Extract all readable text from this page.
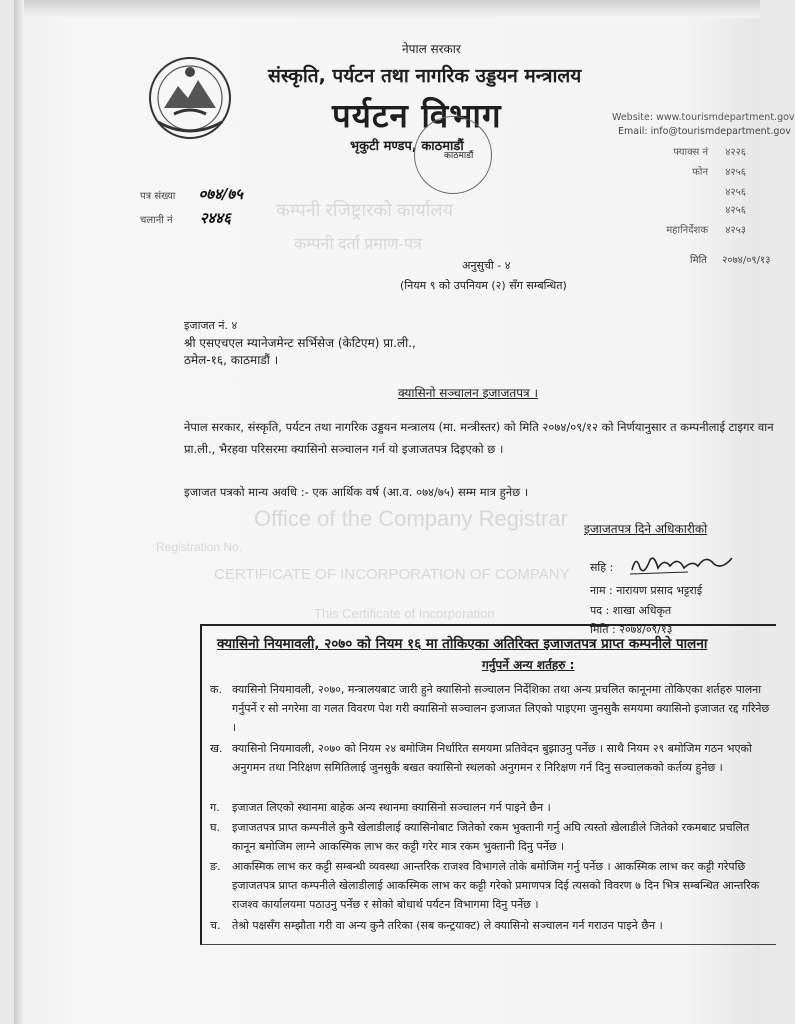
कम्पनी रजिष्ट्रारको कार्यालय
कम्पनी दर्ता प्रमाण-पत्र
Office of the Company Registrar
Registration No.
CERTIFICATE OF INCORPORATION OF COMPANY
This Certificate of Incorporation
नेपाल सरकार
संस्कृति, पर्यटन तथा नागरिक उड्डयन मन्त्रालय
पर्यटन विभाग
भृकुटी मण्डप, काठमाडौं
काठमाडौं
Website: www.tourismdepartment.gov
Email: info@tourismdepartment.gov
फ्याक्स नं ४२२६
फोन ४२५६
४२५६
४२५६
महानिर्देशक ४२५३
पत्र संख्या ०७४/७५
चलानी नं २४४६
मिति २०७४/०९/१३
अनुसुची - ४
(नियम ९ को उपनियम (२) सँग सम्बन्धित)
इजाजत नं. ४
श्री एसएचएल म्यानेजमेन्ट सर्भिसेज (केटिएम) प्रा.ली.,
ठमेल-१६, काठमाडौं ।
क्यासिनो सञ्चालन इजाजतपत्र ।
नेपाल सरकार, संस्कृति, पर्यटन तथा नागरिक उड्डयन मन्त्रालय (मा. मन्त्रीस्तर) को मिति २०७४/०९/१२ को निर्णयानुसार त कम्पनीलाई टाइगर वान प्रा.ली., भैरहवा परिसरमा क्यासिनो सञ्चालन गर्न यो इजाजतपत्र दिइएको छ ।
इजाजत पत्रको मान्य अवधि :- एक आर्थिक वर्ष (आ.व. ०७४/७५) सम्म मात्र हुनेछ ।
इजाजतपत्र दिने अधिकारीको
सहि :
नाम : नारायण प्रसाद भट्टराई
पद : शाखा अधिकृत
मिति : २०७४/०९/१३
क्यासिनो नियमावली, २०७० को नियम १६ मा तोकिएका अतिरिक्त इजाजतपत्र प्राप्त कम्पनीले पालना
गर्नुपर्ने अन्य शर्तहरु :
क. क्यासिनो नियमावली, २०७०, मन्त्रालयबाट जारी हुने क्यासिनो सञ्चालन निर्देशिका तथा अन्य प्रचलित कानूनमा तोकिएका शर्तहरु पालना गर्नुपर्ने र सो नगरेमा वा गलत विवरण पेश गरी क्यासिनो सञ्चालन इजाजत लिएको पाइएमा जुनसुकै समयमा क्यासिनो इजाजत रद्द गरिनेछ ।
ख. क्यासिनो नियमावली, २०७० को नियम २४ बमोजिम निर्धारित समयमा प्रतिवेदन बुझाउनु पर्नेछ । साथै नियम २९ बमोजिम गठन भएको अनुगमन तथा निरिक्षण समितिलाई जुनसुकै बखत क्यासिनो स्थलको अनुगमन र निरिक्षण गर्न दिनु सञ्चालकको कर्तव्य हुनेछ ।
ग. इजाजत लिएको स्थानमा बाहेक अन्य स्थानमा क्यासिनो सञ्चालन गर्न पाइने छैन ।
घ. इजाजतपत्र प्राप्त कम्पनीले कुनै खेलाडीलाई क्यासिनोबाट जितेको रकम भुक्तानी गर्नु अघि त्यस्तो खेलाडीले जितेको रकमबाट प्रचलित कानून बमोजिम लाग्ने आकस्मिक लाभ कर कट्टी गरेर मात्र रकम भुक्तानी दिनु पर्नेछ ।
ङ. आकस्मिक लाभ कर कट्टी सम्बन्धी व्यवस्था आन्तरिक राजश्व विभागले तोके बमोजिम गर्नु पर्नेछ । आकस्मिक लाभ कर कट्टी गरेपछि इजाजतपत्र प्राप्त कम्पनीले खेलाडीलाई आकस्मिक लाभ कर कट्टी गरेको प्रमाणपत्र दिई त्यसको विवरण ७ दिन भित्र सम्बन्धित आन्तरिक राजश्व कार्यालयमा पठाउनु पर्नेछ र सोको बोधार्थ पर्यटन विभागमा दिनु पर्नेछ ।
च. तेश्रो पक्षसँग सम्झौता गरी वा अन्य कुनै तरिका (सब कन्ट्रयाक्ट) ले क्यासिनो सञ्चालन गर्न गराउन पाइने छैन ।
